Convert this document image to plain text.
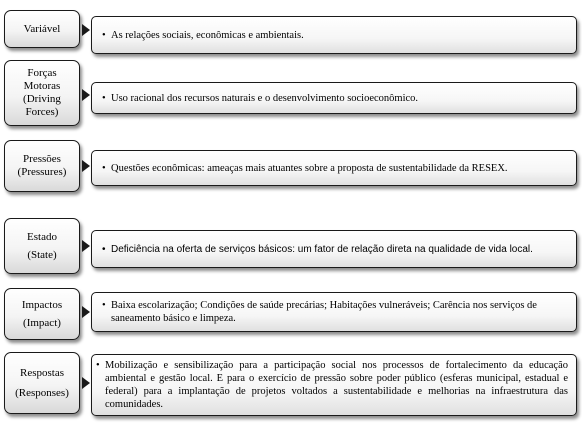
Variável
• As relações sociais, econômicas e ambientais.
Forças
Motoras
(Driving
Forces)
• Uso racional dos recursos naturais e o desenvolvimento socioeconômico.
Pressões
(Pressures)	• Questões econômicas: ameaças mais atuantes sobre a proposta de sustentabilidade da RESEX.
Estado
(State)	• Deficiência na oferta de serviços básicos: um fator de relação direta na qualidade de vida local.
Impactos
(Impact)
• Baixa escolarização; Condições de saúde precárias; Habitações vulneráveis; Carência nos serviços de saneamento básico e limpeza.
Respostas
(Responses)
• Mobilização e sensibilização para a participação social nos processos de fortalecimento da educação ambiental e gestão local. E para o exercício de pressão sobre poder público (esferas municipal, estadual e federal) para a implantação de projetos voltados a sustentabilidade e melhorias na infraestrutura das comunidades.
